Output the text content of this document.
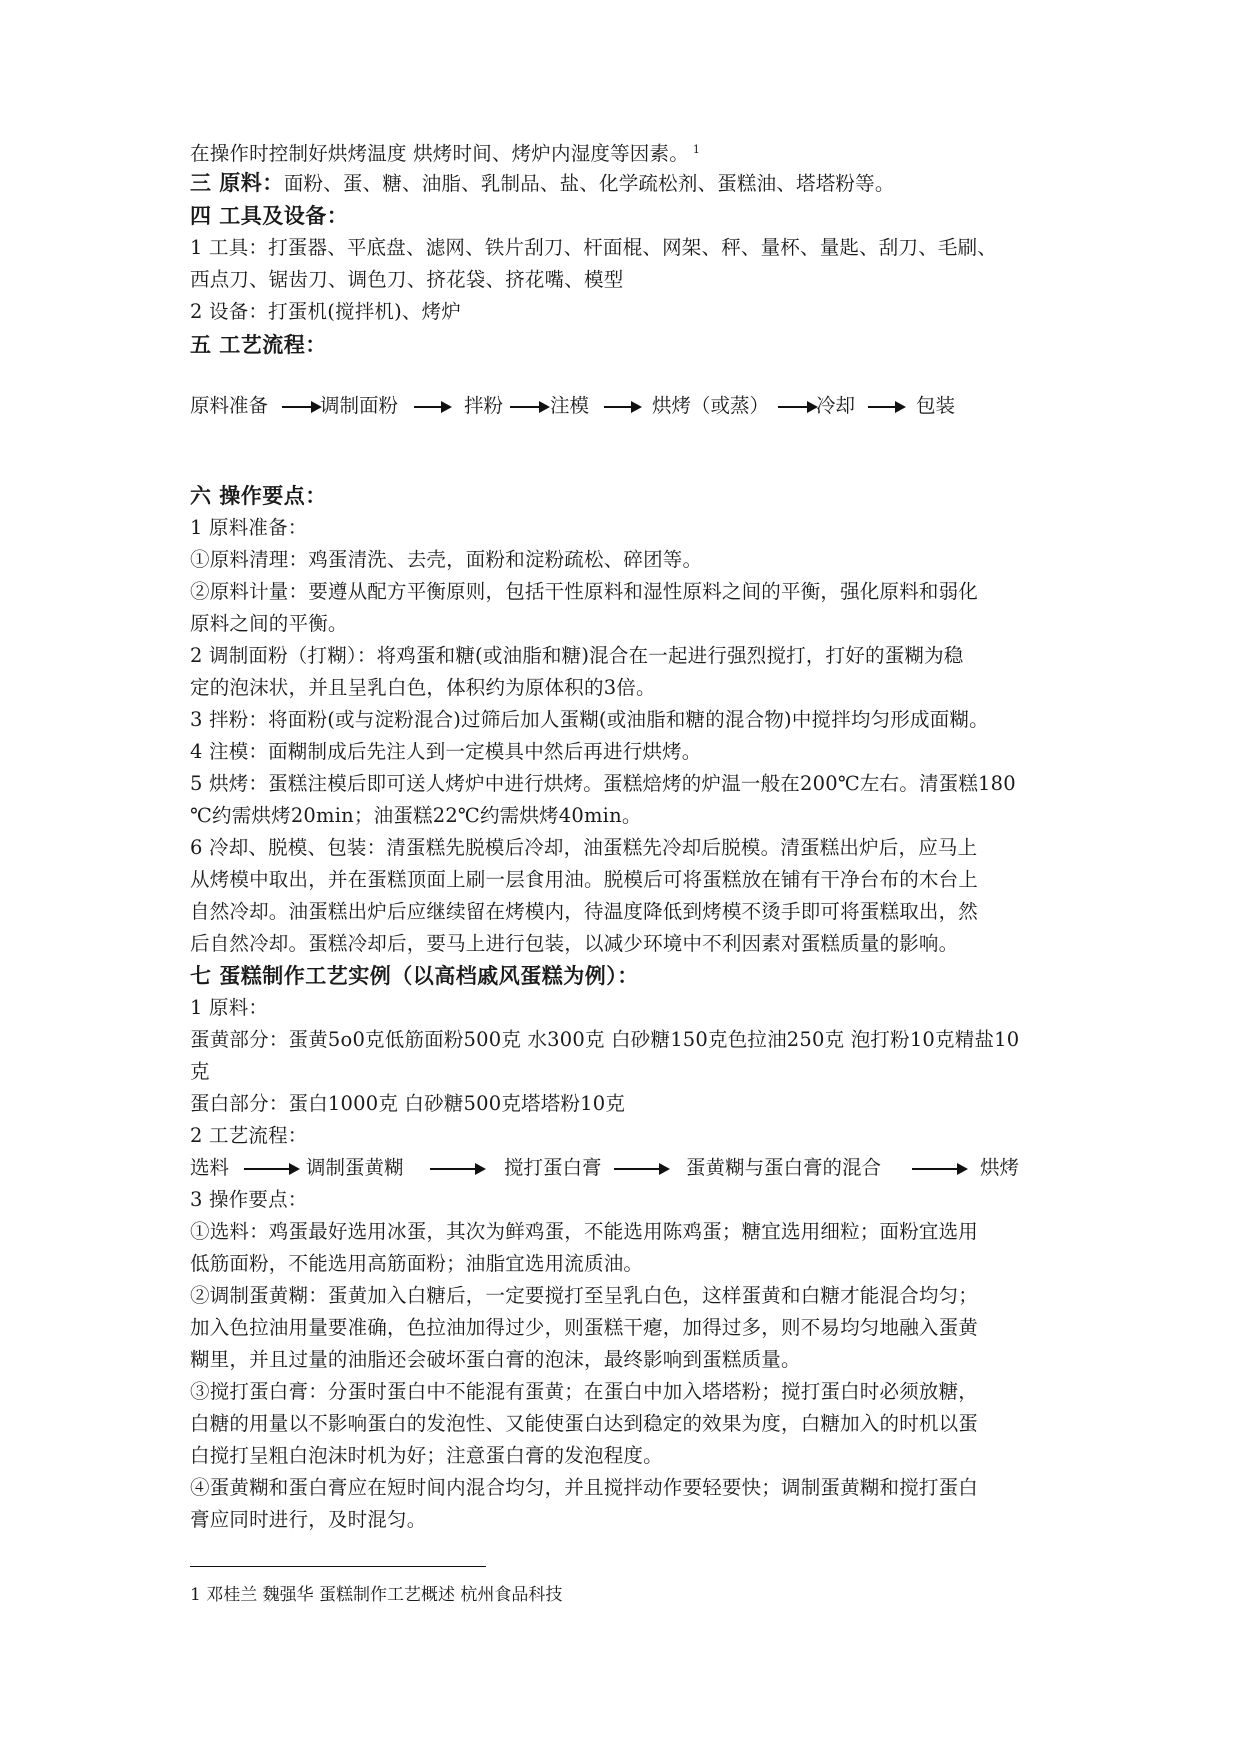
在操作时控制好烘烤温度 烘烤时间、烤炉内湿度等因素。 $^1$
三 原料：面粉、蛋、糖、油脂、乳制品、盐、化学疏松剂、蛋糕油、塔塔粉等。
四 工具及设备：
1 工具：打蛋器、平底盘、滤网、铁片刮刀、杆面棍、网架、秤、量杯、量匙、刮刀、毛刷、
西点刀、锯齿刀、调色刀、挤花袋、挤花嘴、模型
2 设备：打蛋机(搅拌机)、烤炉
五 工艺流程：
原料准备	调制面粉	拌粉 注模	烘烤（或蒸） 冷却	包装
六 操作要点：
1 原料准备：
①原料清理：鸡蛋清洗、去壳，面粉和淀粉疏松、碎团等。
②原料计量：要遵从配方平衡原则，包括干性原料和湿性原料之间的平衡，强化原料和弱化
原料之间的平衡。
2 调制面粉（打糊）：将鸡蛋和糖(或油脂和糖)混合在一起进行强烈搅打，打好的蛋糊为稳
定的泡沫状，并且呈乳白色，体积约为原体积的3倍。
3 拌粉：将面粉(或与淀粉混合)过筛后加人蛋糊(或油脂和糖的混合物)中搅拌均匀形成面糊。
4 注模：面糊制成后先注人到一定模具中然后再进行烘烤。
5 烘烤：蛋糕注模后即可送人烤炉中进行烘烤。蛋糕焙烤的炉温一般在200℃左右。清蛋糕180
℃约需烘烤20min；油蛋糕22℃约需烘烤40min。
6 冷却、脱模、包装：清蛋糕先脱模后冷却，油蛋糕先冷却后脱模。清蛋糕出炉后，应马上
从烤模中取出，并在蛋糕顶面上刷一层食用油。脱模后可将蛋糕放在铺有干净台布的木台上
自然冷却。油蛋糕出炉后应继续留在烤模内，待温度降低到烤模不烫手即可将蛋糕取出，然
后自然冷却。蛋糕冷却后，要马上进行包装，以减少环境中不利因素对蛋糕质量的影响。
七 蛋糕制作工艺实例（以高档戚风蛋糕为例）：
1 原料：
蛋黄部分：蛋黄5o0克低筋面粉500克 水300克 白砂糖150克色拉油250克 泡打粉10克精盐10
克
蛋白部分：蛋白1000克 白砂糖500克塔塔粉10克
2 工艺流程：
选料	调制蛋黄糊	搅打蛋白膏	蛋黄糊与蛋白膏的混合	烘烤
3 操作要点：
①选料：鸡蛋最好选用冰蛋，其次为鲜鸡蛋，不能选用陈鸡蛋；糖宜选用细粒；面粉宜选用
低筋面粉，不能选用高筋面粉；油脂宜选用流质油。
②调制蛋黄糊：蛋黄加入白糖后，一定要搅打至呈乳白色，这样蛋黄和白糖才能混合均匀；
加入色拉油用量要准确，色拉油加得过少，则蛋糕干瘪，加得过多，则不易均匀地融入蛋黄
糊里，并且过量的油脂还会破坏蛋白膏的泡沫，最终影响到蛋糕质量。
③搅打蛋白膏：分蛋时蛋白中不能混有蛋黄；在蛋白中加入塔塔粉；搅打蛋白时必须放糖，
白糖的用量以不影响蛋白的发泡性、又能使蛋白达到稳定的效果为度，白糖加入的时机以蛋
白搅打呈粗白泡沫时机为好；注意蛋白膏的发泡程度。
④蛋黄糊和蛋白膏应在短时间内混合均匀，并且搅拌动作要轻要快；调制蛋黄糊和搅打蛋白
膏应同时进行，及时混匀。
1 邓桂兰 魏强华 蛋糕制作工艺概述 杭州食品科技
